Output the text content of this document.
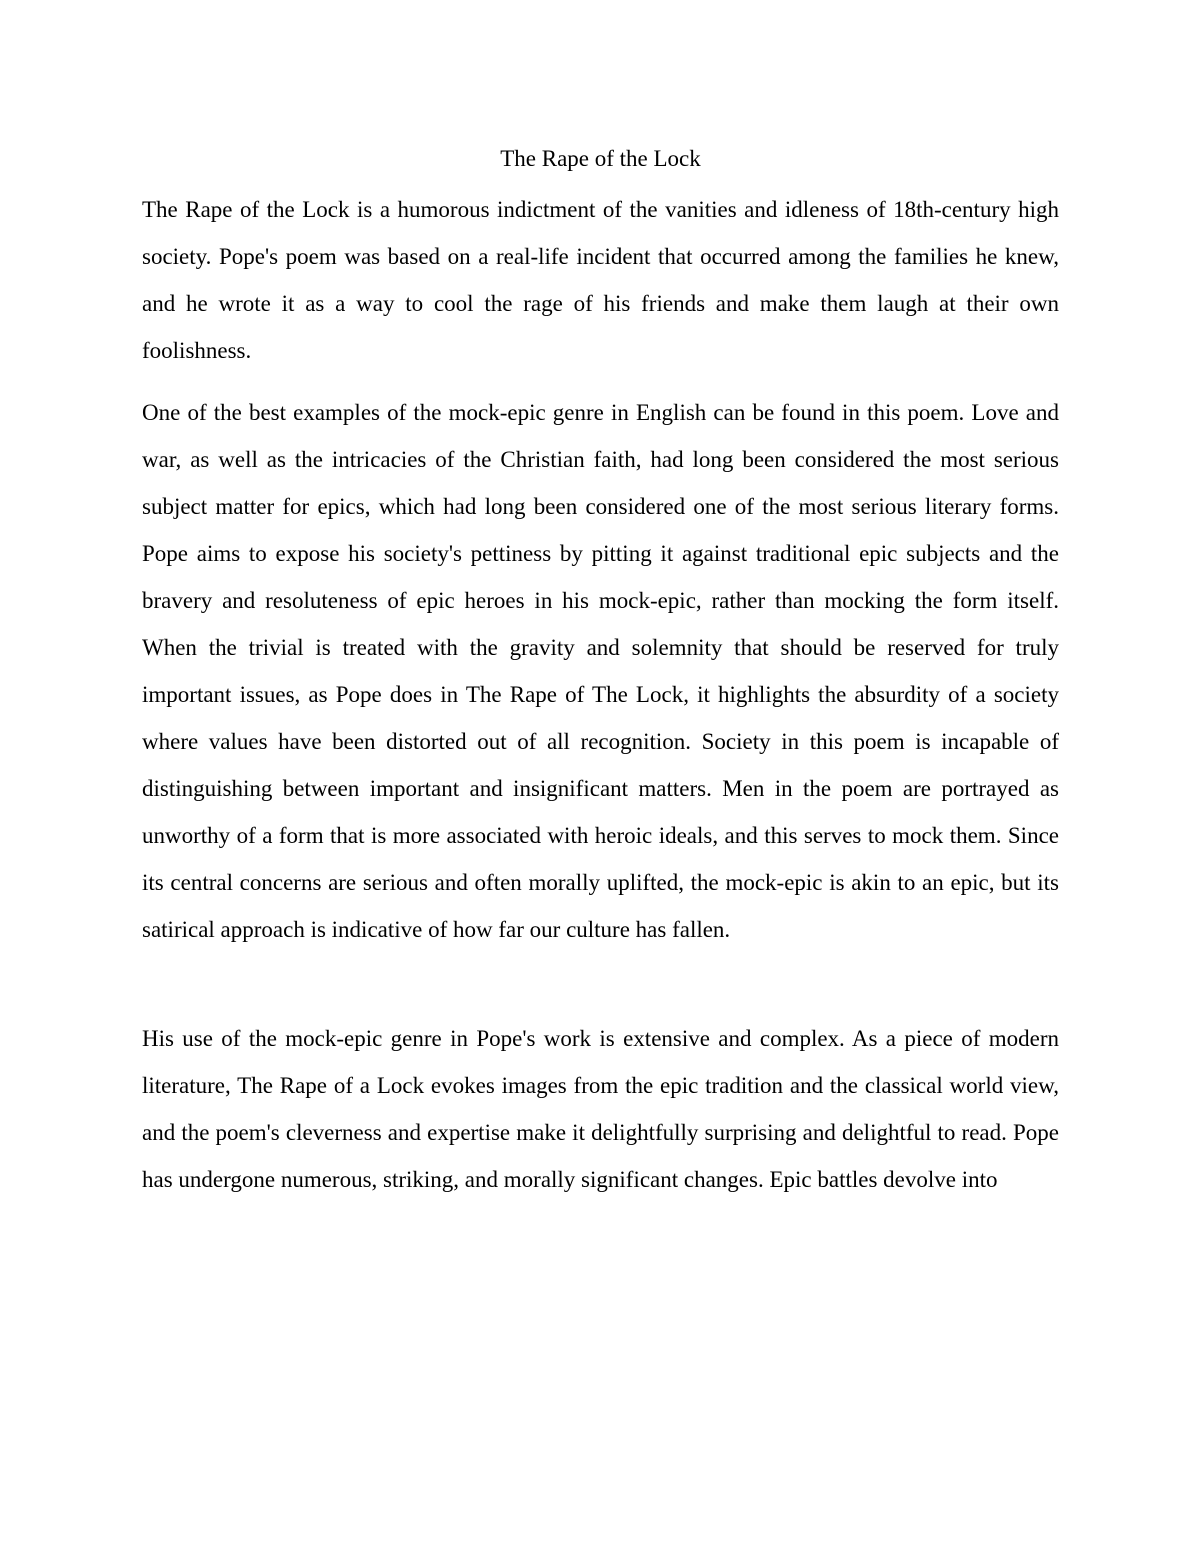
The Rape of the Lock

The Rape of the Lock is a humorous indictment of the vanities and idleness of 18th-century high society. Pope's poem was based on a real-life incident that occurred among the families he knew, and he wrote it as a way to cool the rage of his friends and make them laugh at their own foolishness.

One of the best examples of the mock-epic genre in English can be found in this poem. Love and war, as well as the intricacies of the Christian faith, had long been considered the most serious subject matter for epics, which had long been considered one of the most serious literary forms. Pope aims to expose his society's pettiness by pitting it against traditional epic subjects and the bravery and resoluteness of epic heroes in his mock-epic, rather than mocking the form itself. When the trivial is treated with the gravity and solemnity that should be reserved for truly important issues, as Pope does in The Rape of The Lock, it highlights the absurdity of a society where values have been distorted out of all recognition. Society in this poem is incapable of distinguishing between important and insignificant matters. Men in the poem are portrayed as unworthy of a form that is more associated with heroic ideals, and this serves to mock them. Since its central concerns are serious and often morally uplifted, the mock-epic is akin to an epic, but its satirical approach is indicative of how far our culture has fallen.

His use of the mock-epic genre in Pope's work is extensive and complex. As a piece of modern literature, The Rape of a Lock evokes images from the epic tradition and the classical world view, and the poem's cleverness and expertise make it delightfully surprising and delightful to read. Pope has undergone numerous, striking, and morally significant changes. Epic battles devolve into
